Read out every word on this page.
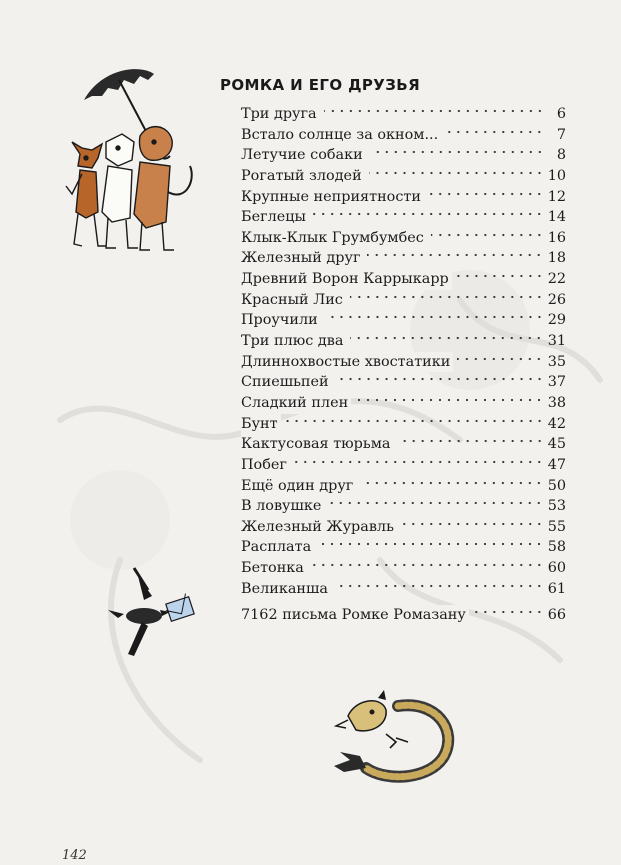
РОМКА И ЕГО ДРУЗЬЯ
Три друга	6
Встало солнце за окном...	7
Летучие собаки	8
Рогатый злодей	10
Крупные неприятности	12
Беглецы	14
Клык-Клык Грумбумбес	16
Железный друг	18
Древний Ворон Каррыкарр	22
Красный Лис	26
Проучили	29
Три плюс два	31
Длиннохвостые хвостатики	35
Спиешьпей	37
Сладкий плен	38
Бунт	42
Кактусовая тюрьма	45
Побег	47
Ещё один друг	50
В ловушке	53
Железный Журавль	55
Расплата	58
Бетонка	60
Великанша	61
7162 письма Ромке Ромазану	66
142
